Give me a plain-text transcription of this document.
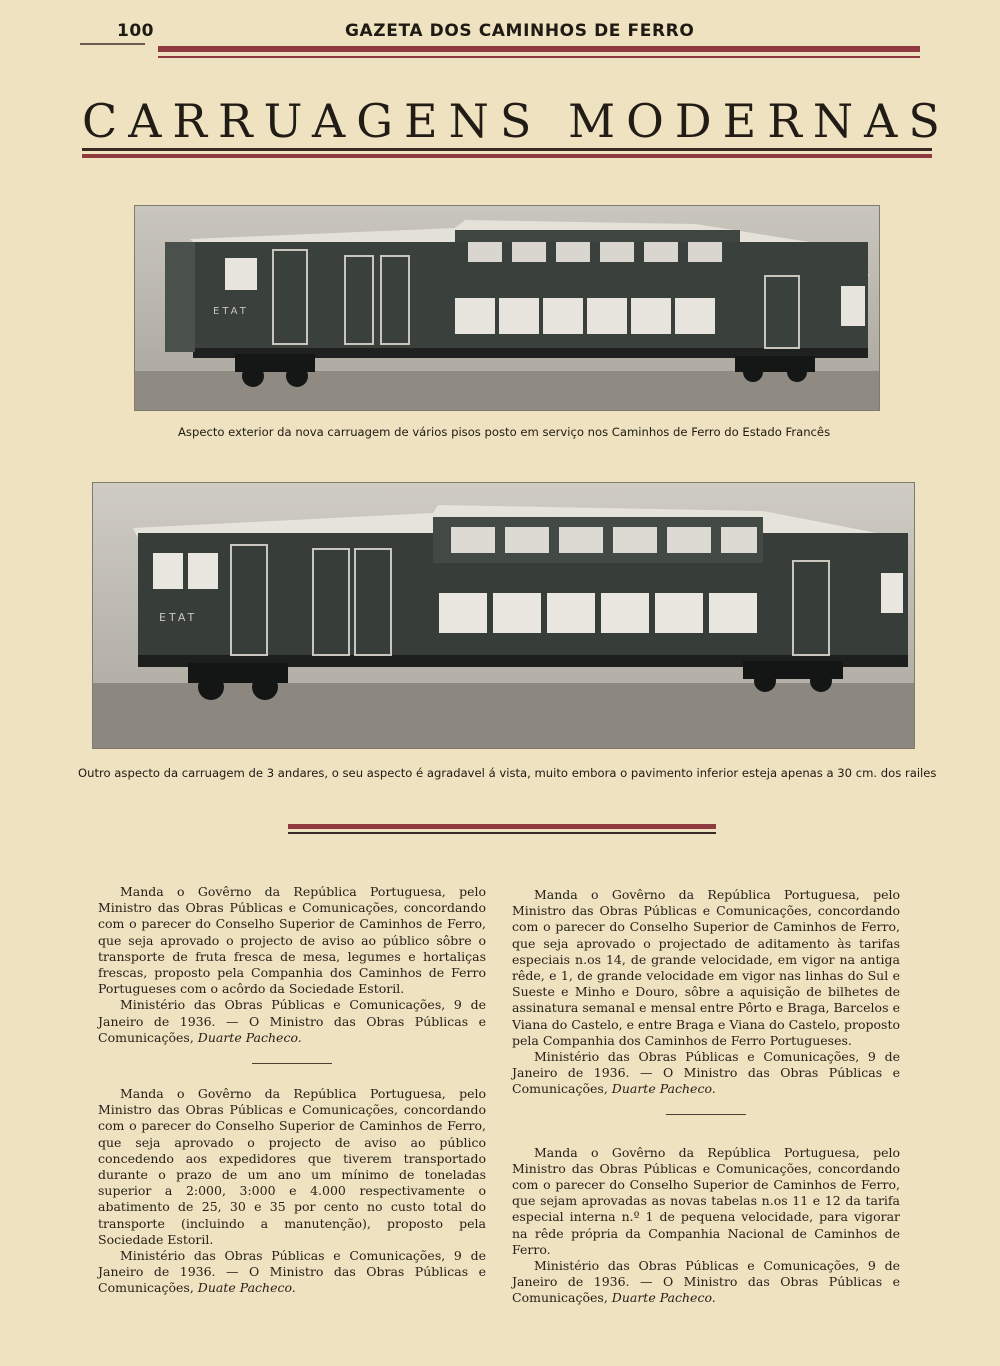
100	GAZETA DOS CAMINHOS DE FERRO
CARRUAGENS MODERNAS
ETAT
Aspecto exterior da nova carruagem de vários pisos posto em serviço nos Caminhos de Ferro do Estado Francês
ETAT
Outro aspecto da carruagem de 3 andares, o seu aspecto é agradavel á vista, muito embora o pavimento inferior esteja apenas a 30 cm. dos railes

Manda o Govêrno da República Portuguesa, pelo Ministro das Obras Públicas e Comunicações, concordando com o parecer do Conselho Superior de Caminhos de Ferro, que seja aprovado o projecto de aviso ao público sôbre o transporte de fruta fresca de mesa, legumes e hortaliças frescas, proposto pela Companhia dos Caminhos de Ferro Portugueses com o acôrdo da Sociedade Estoril.

Ministério das Obras Públicas e Comunicações, 9 de Janeiro de 1936. — O Ministro das Obras Públicas e Comunicações, Duarte Pacheco.

Manda o Govêrno da República Portuguesa, pelo Ministro das Obras Públicas e Comunicações, concordando com o parecer do Conselho Superior de Caminhos de Ferro, que seja aprovado o projecto de aviso ao público concedendo aos expedidores que tiverem transportado durante o prazo de um ano um mínimo de toneladas superior a 2:000, 3:000 e 4.000 respectivamente o abatimento de 25, 30 e 35 por cento no custo total do transporte (incluindo a manutenção), proposto pela Sociedade Estoril.

Ministério das Obras Públicas e Comunicações, 9 de Janeiro de 1936. — O Ministro das Obras Públicas e Comunicações, Duate Pacheco.

Manda o Govêrno da República Portuguesa, pelo Ministro das Obras Públicas e Comunicações, concordando com o parecer do Conselho Superior de Caminhos de Ferro, que seja aprovado o projectado de aditamento às tarifas especiais n.os 14, de grande velocidade, em vigor na antiga rêde, e 1, de grande velocidade em vigor nas linhas do Sul e Sueste e Minho e Douro, sôbre a aquisição de bilhetes de assinatura semanal e mensal entre Pôrto e Braga, Barcelos e Viana do Castelo, e entre Braga e Viana do Castelo, proposto pela Companhia dos Caminhos de Ferro Portugueses.

Ministério das Obras Públicas e Comunicações, 9 de Janeiro de 1936. — O Ministro das Obras Públicas e Comunicações, Duarte Pacheco.

Manda o Govêrno da República Portuguesa, pelo Ministro das Obras Públicas e Comunicações, concordando com o parecer do Conselho Superior de Caminhos de Ferro, que sejam aprovadas as novas tabelas n.os 11 e 12 da tarifa especial interna n.º 1 de pequena velocidade, para vigorar na rêde própria da Companhia Nacional de Caminhos de Ferro.

Ministério das Obras Públicas e Comunicações, 9 de Janeiro de 1936. — O Ministro das Obras Públicas e Comunicações, Duarte Pacheco.
